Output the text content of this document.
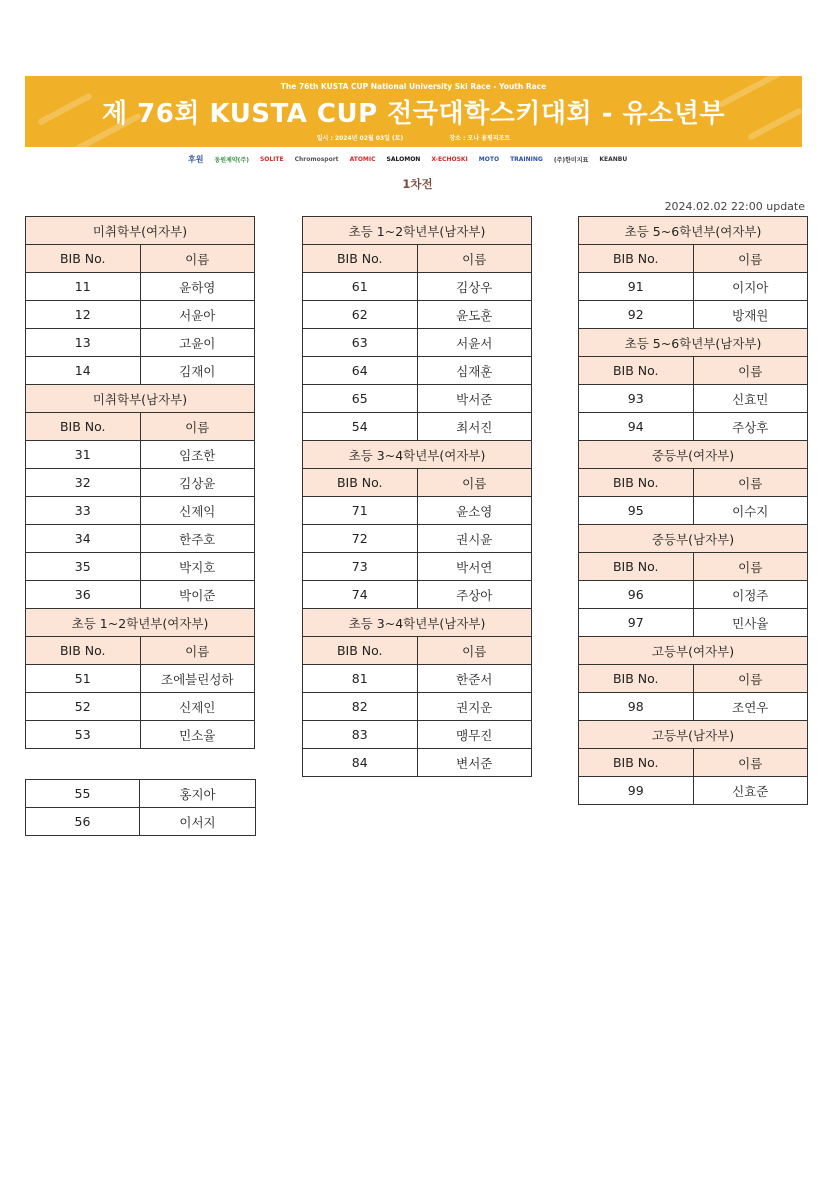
The 76th KUSTA CUP National University Ski Race - Youth Race
제 76회 KUSTA CUP 전국대학스키대회 - 유소년부
일시 : 2024년 02월 03일 (토)	장소 : 모나 용평리조트
후원 동원제약(주) SOLITE Chromosport ATOMIC SALOMON X-ECHOSKI MOTO TRAINING (주)한미지표 KEANBU
1차전
2024.02.02 22:00 update
미취학부(여자부)	
BIB No.	이름
11	윤하영
12	서윤아
13	고윤이
14	김재이
미취학부(남자부)	
BIB No.	이름
31	임조한
32	김상윤
33	신제익
34	한주호
35	박지호
36	박이준
초등 1~2학년부(여자부)	
BIB No.	이름
51	조에블린성하
52	신제인
53	민소율
55	홍지아
56	이서지
초등 1~2학년부(남자부)	
BIB No.	이름
61	김상우
62	윤도훈
63	서윤서
64	심재훈
65	박서준
54	최서진
초등 3~4학년부(여자부)	
BIB No.	이름
71	윤소영
72	권시윤
73	박서연
74	주상아
초등 3~4학년부(남자부)	
BIB No.	이름
81	한준서
82	권지운
83	맹무진
84	변서준
초등 5~6학년부(여자부)	
BIB No.	이름
91	이지아
92	방재원
초등 5~6학년부(남자부)	
BIB No.	이름
93	신효민
94	주상후
중등부(여자부)	
BIB No.	이름
95	이수지
중등부(남자부)	
BIB No.	이름
96	이정주
97	민사율
고등부(여자부)	
BIB No.	이름
98	조연우
고등부(남자부)	
BIB No.	이름
99	신효준
